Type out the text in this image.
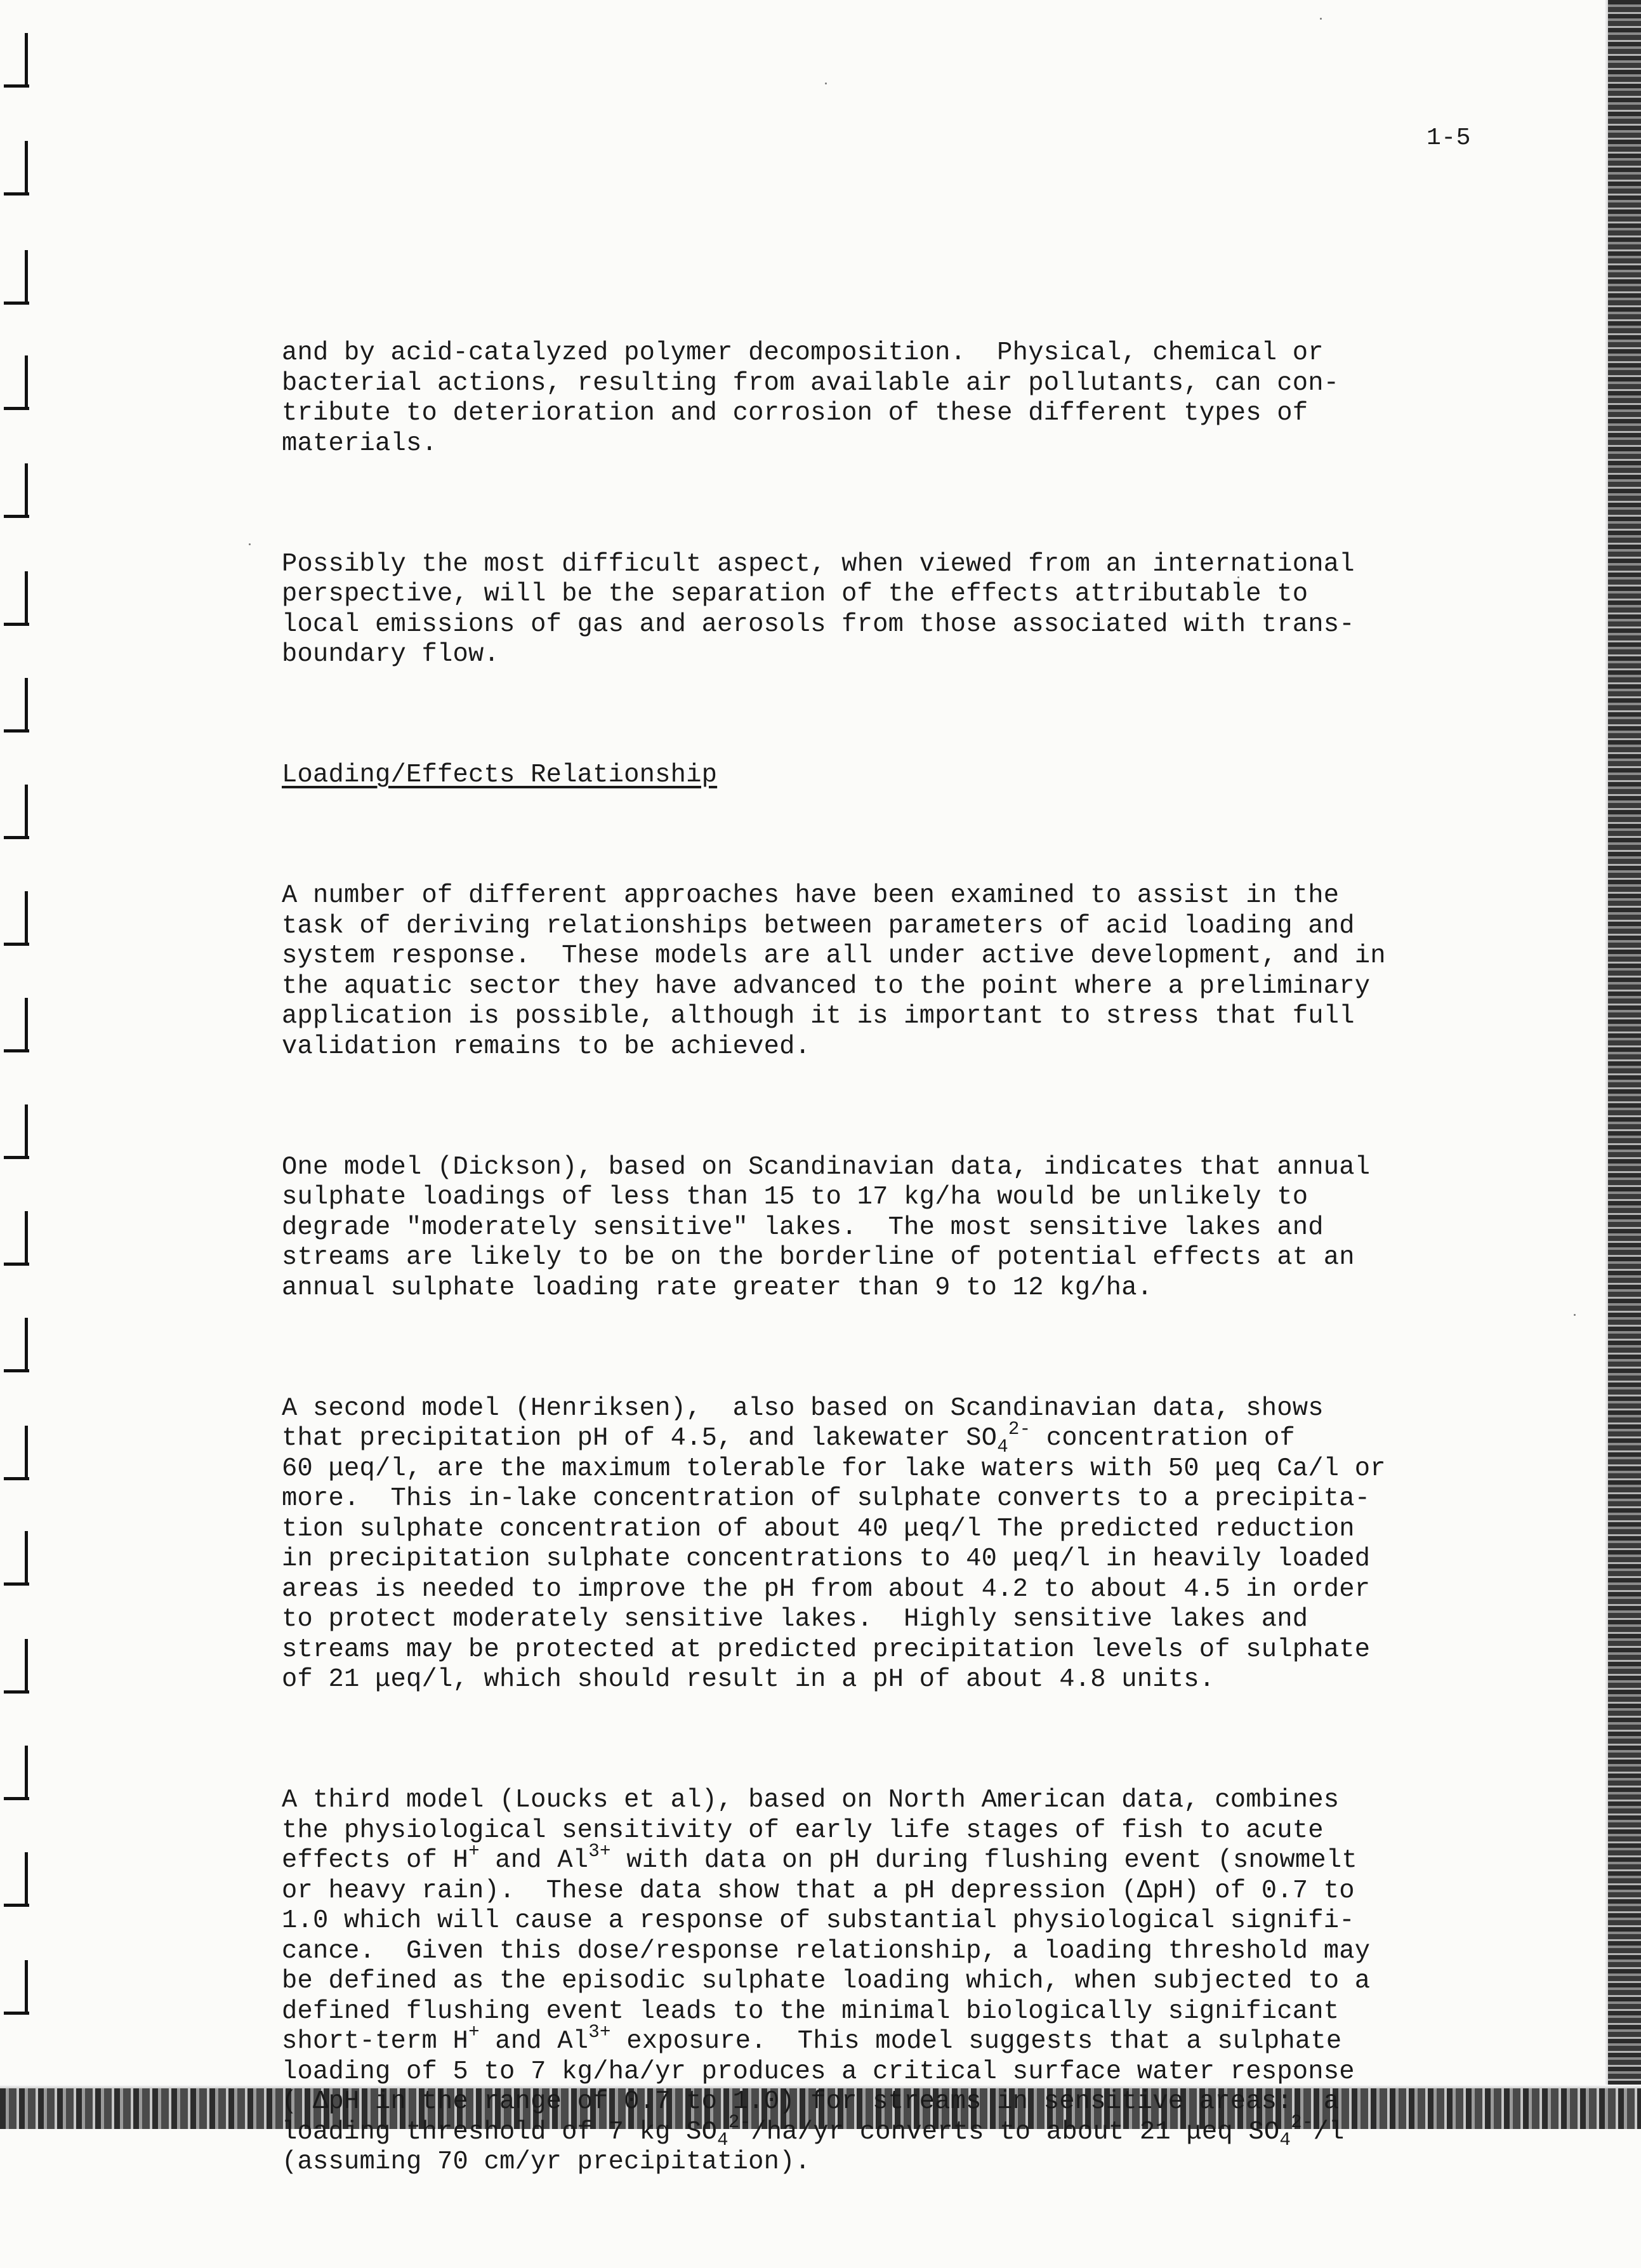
1-5

and by acid-catalyzed polymer decomposition.  Physical, chemical or
bacterial actions, resulting from available air pollutants, can con-
tribute to deterioration and corrosion of these different types of
materials.

Possibly the most difficult aspect, when viewed from an international
perspective, will be the separation of the effects attributable to
local emissions of gas and aerosols from those associated with trans-
boundary flow.

Loading/Effects Relationship

A number of different approaches have been examined to assist in the
task of deriving relationships between parameters of acid loading and
system response.  These models are all under active development, and in
the aquatic sector they have advanced to the point where a preliminary
application is possible, although it is important to stress that full
validation remains to be achieved.

One model (Dickson), based on Scandinavian data, indicates that annual
sulphate loadings of less than 15 to 17 kg/ha would be unlikely to
degrade "moderately sensitive" lakes.  The most sensitive lakes and
streams are likely to be on the borderline of potential effects at an
annual sulphate loading rate greater than 9 to 12 kg/ha.

A second model (Henriksen),  also based on Scandinavian data, shows
that precipitation pH of 4.5, and lakewater $SO_4^{2-}$ concentration of
60 μeq/l, are the maximum tolerable for lake waters with 50 μeq Ca/l or
more.  This in-lake concentration of sulphate converts to a precipita-
tion sulphate concentration of about 40 μeq/l The predicted reduction
in precipitation sulphate concentrations to 40 μeq/l in heavily loaded
areas is needed to improve the pH from about 4.2 to about 4.5 in order
to protect moderately sensitive lakes.  Highly sensitive lakes and
streams may be protected at predicted precipitation levels of sulphate
of 21 μeq/l, which should result in a pH of about 4.8 units.

A third model (Loucks et al), based on North American data, combines
the physiological sensitivity of early life stages of fish to acute
effects of H+ and $Al^{3+}$ with data on pH during flushing event (snowmelt
or heavy rain).  These data show that a pH depression (ΔpH) of 0.7 to
1.0 which will cause a response of substantial physiological signifi-
cance.  Given this dose/response relationship, a loading threshold may
be defined as the episodic sulphate loading which, when subjected to a
defined flushing event leads to the minimal biologically significant
short-term H+ and $Al^{3+}$ exposure.  This model suggests that a sulphate
loading of 5 to 7 kg/ha/yr produces a critical surface water response
( ΔpH in the range of 0.7 to 1.0) for streams in sensitive areas:  a
loading threshold of 7 kg $SO_4^{2-}/ha/yr$ converts to about 21 μeq $SO_4^{2-}/l$
(assuming 70 cm/yr precipitation).
